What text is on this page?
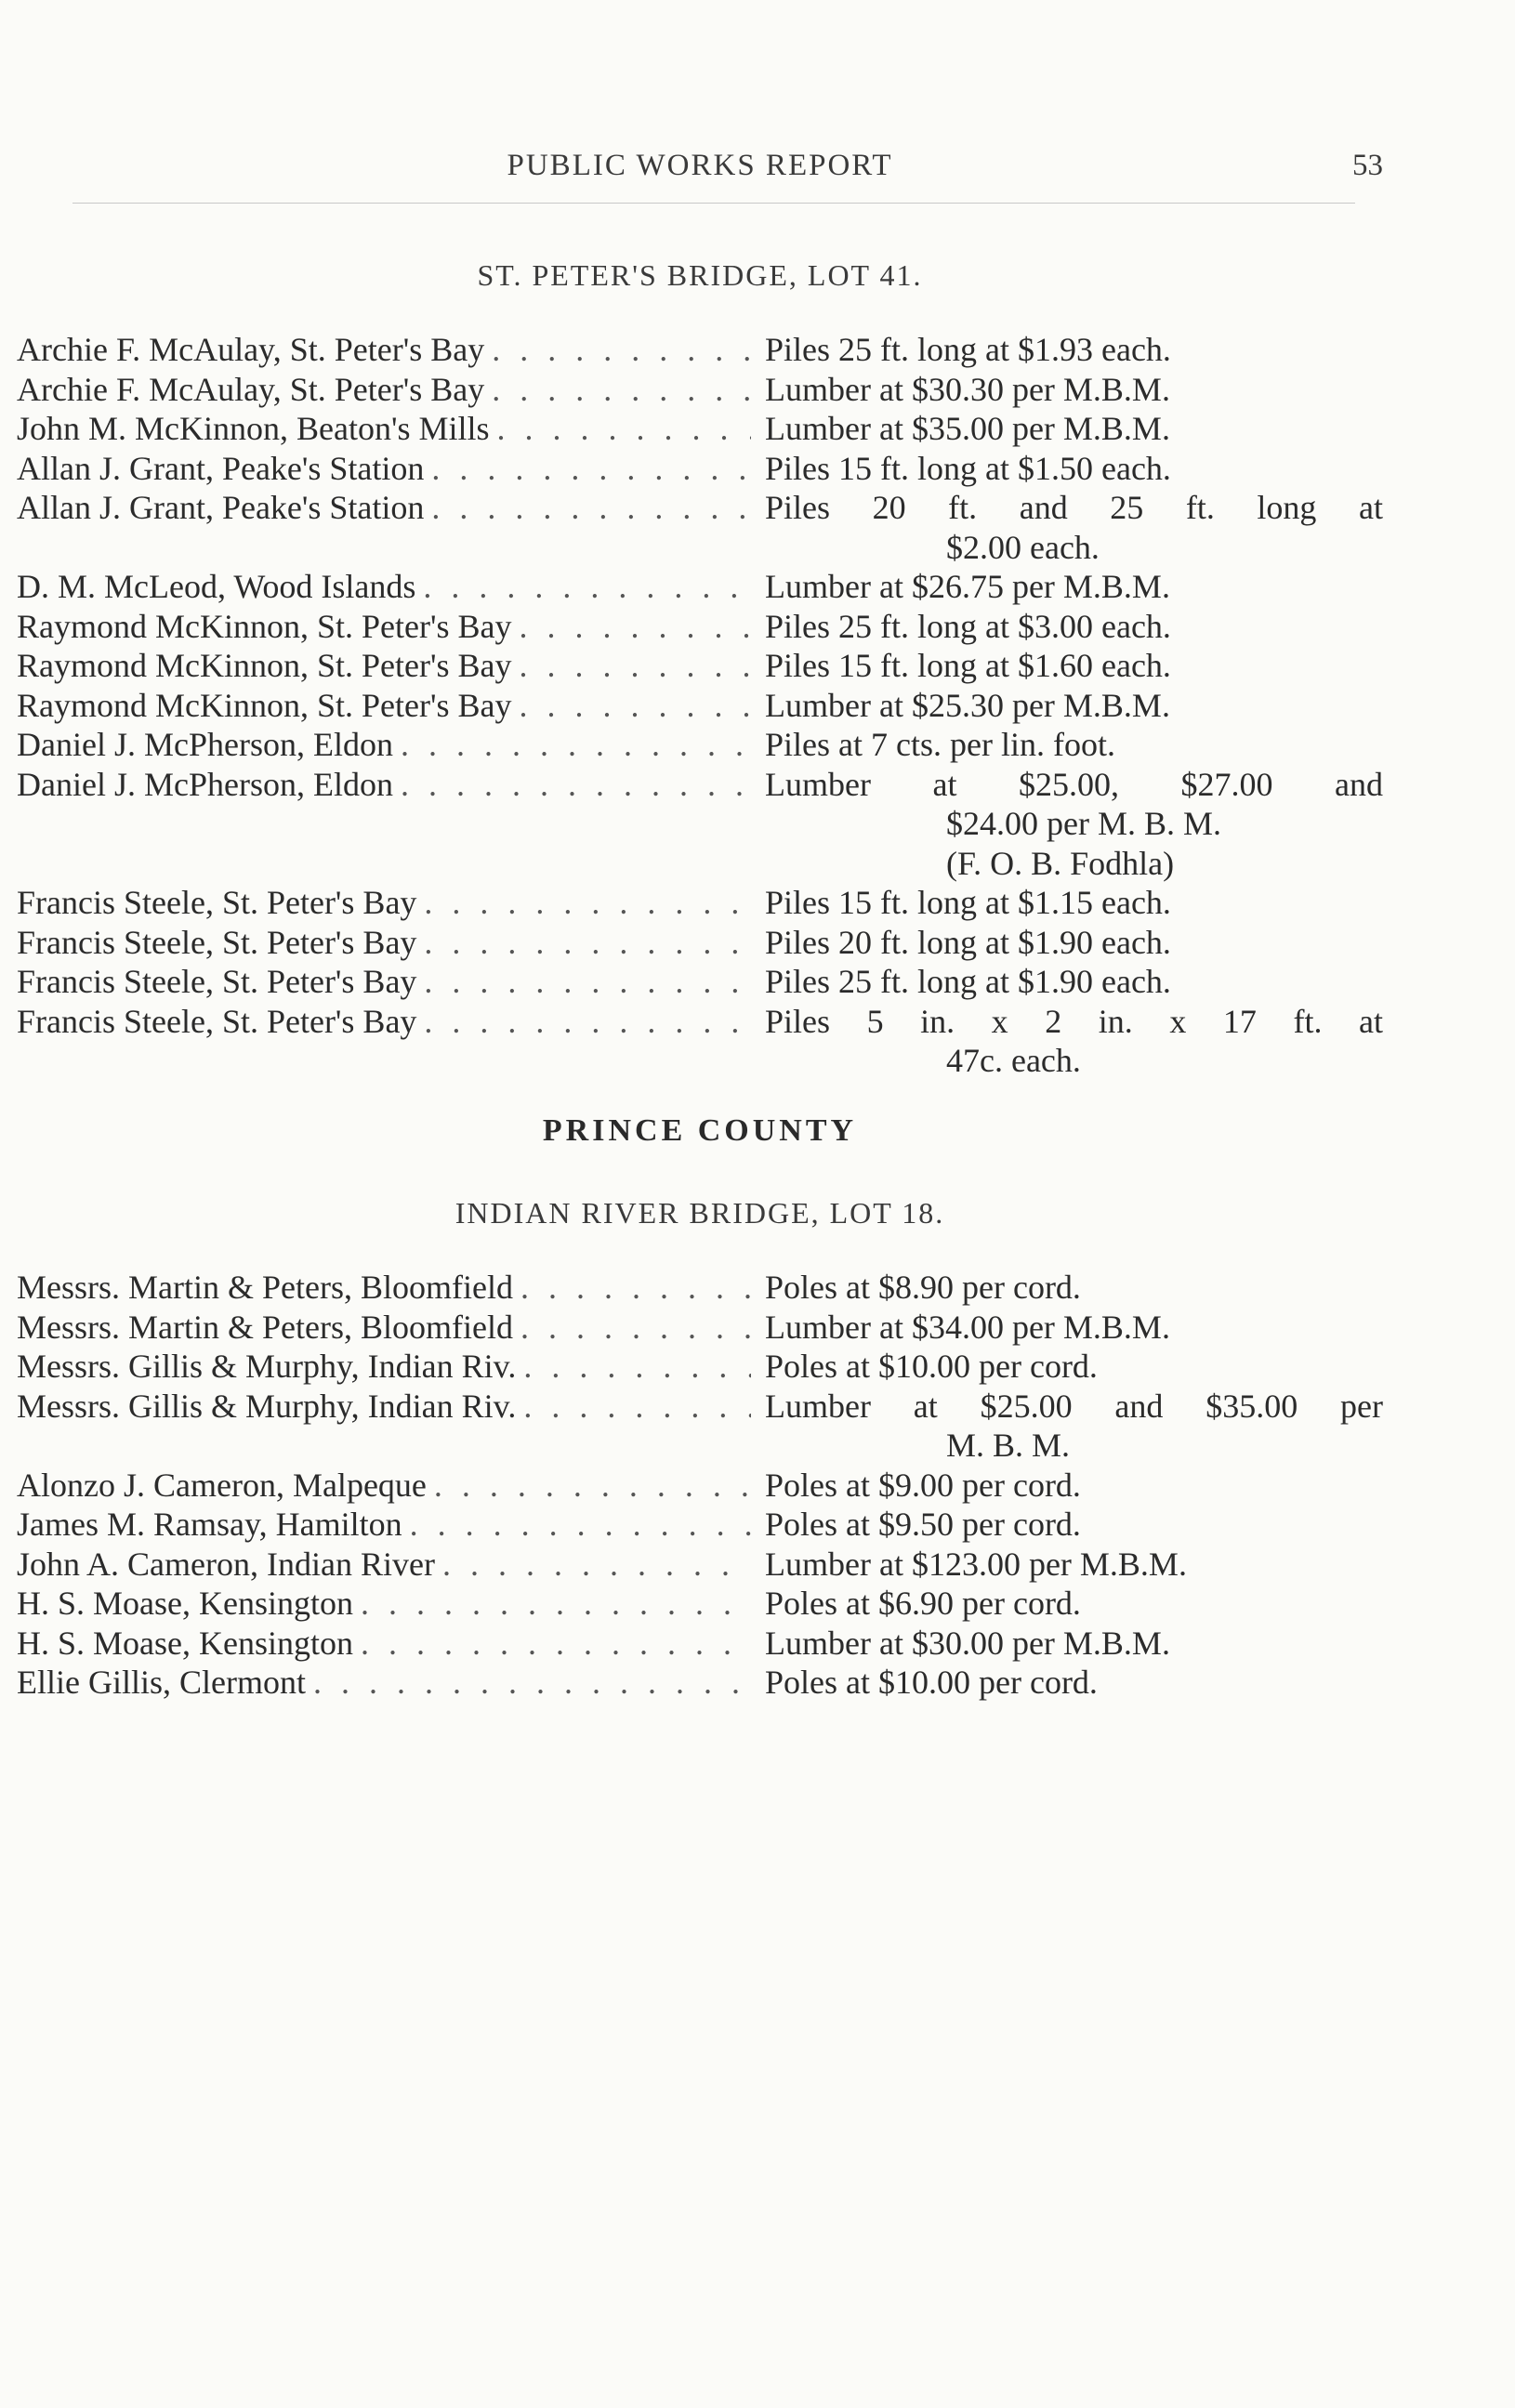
PUBLIC WORKS REPORT	53
ST. PETER'S BRIDGE, LOT 41.
Archie F. McAulay, St. Peter's Bay . . .	Piles 25 ft. long at $1.93 each.
Archie F. McAulay, St. Peter's Bay . . .	Lumber at $30.30 per M.B.M.
John M. McKinnon, Beaton's Mills . . .	Lumber at $35.00 per M.B.M.
Allan J. Grant, Peake's Station . . .	Piles 15 ft. long at $1.50 each.
Allan J. Grant, Peake's Station . . .	Piles 20 ft. and 25 ft. long at
$2.00 each.
D. M. McLeod, Wood Islands . . .	Lumber at $26.75 per M.B.M.
Raymond McKinnon, St. Peter's Bay . . .	Piles 25 ft. long at $3.00 each.
Raymond McKinnon, St. Peter's Bay . . .	Piles 15 ft. long at $1.60 each.
Raymond McKinnon, St. Peter's Bay . . .	Lumber at $25.30 per M.B.M.
Daniel J. McPherson, Eldon . . .	Piles at 7 cts. per lin. foot.
Daniel J. McPherson, Eldon . . .	Lumber at $25.00, $27.00 and
$24.00 per M. B. M.
(F. O. B. Fodhla)
Francis Steele, St. Peter's Bay . . .	Piles 15 ft. long at $1.15 each.
Francis Steele, St. Peter's Bay . . .	Piles 20 ft. long at $1.90 each.
Francis Steele, St. Peter's Bay . . .	Piles 25 ft. long at $1.90 each.
Francis Steele, St. Peter's Bay . . .	Piles 5 in. x 2 in. x 17 ft. at
47c. each.
PRINCE COUNTY
INDIAN RIVER BRIDGE, LOT 18.
Messrs. Martin & Peters, Bloomfield . . .	Poles at $8.90 per cord.
Messrs. Martin & Peters, Bloomfield . . .	Lumber at $34.00 per M.B.M.
Messrs. Gillis & Murphy, Indian Riv. . . .	Poles at $10.00 per cord.
Messrs. Gillis & Murphy, Indian Riv. . . .	Lumber at $25.00 and $35.00 per
M. B. M.
Alonzo J. Cameron, Malpeque . . .	Poles at $9.00 per cord.
James M. Ramsay, Hamilton . . .	Poles at $9.50 per cord.
John A. Cameron, Indian River . . .	Lumber at $123.00 per M.B.M.
H. S. Moase, Kensington . . .	Poles at $6.90 per cord.
H. S. Moase, Kensington . . .	Lumber at $30.00 per M.B.M.
Ellie Gillis, Clermont . . .	Poles at $10.00 per cord.
